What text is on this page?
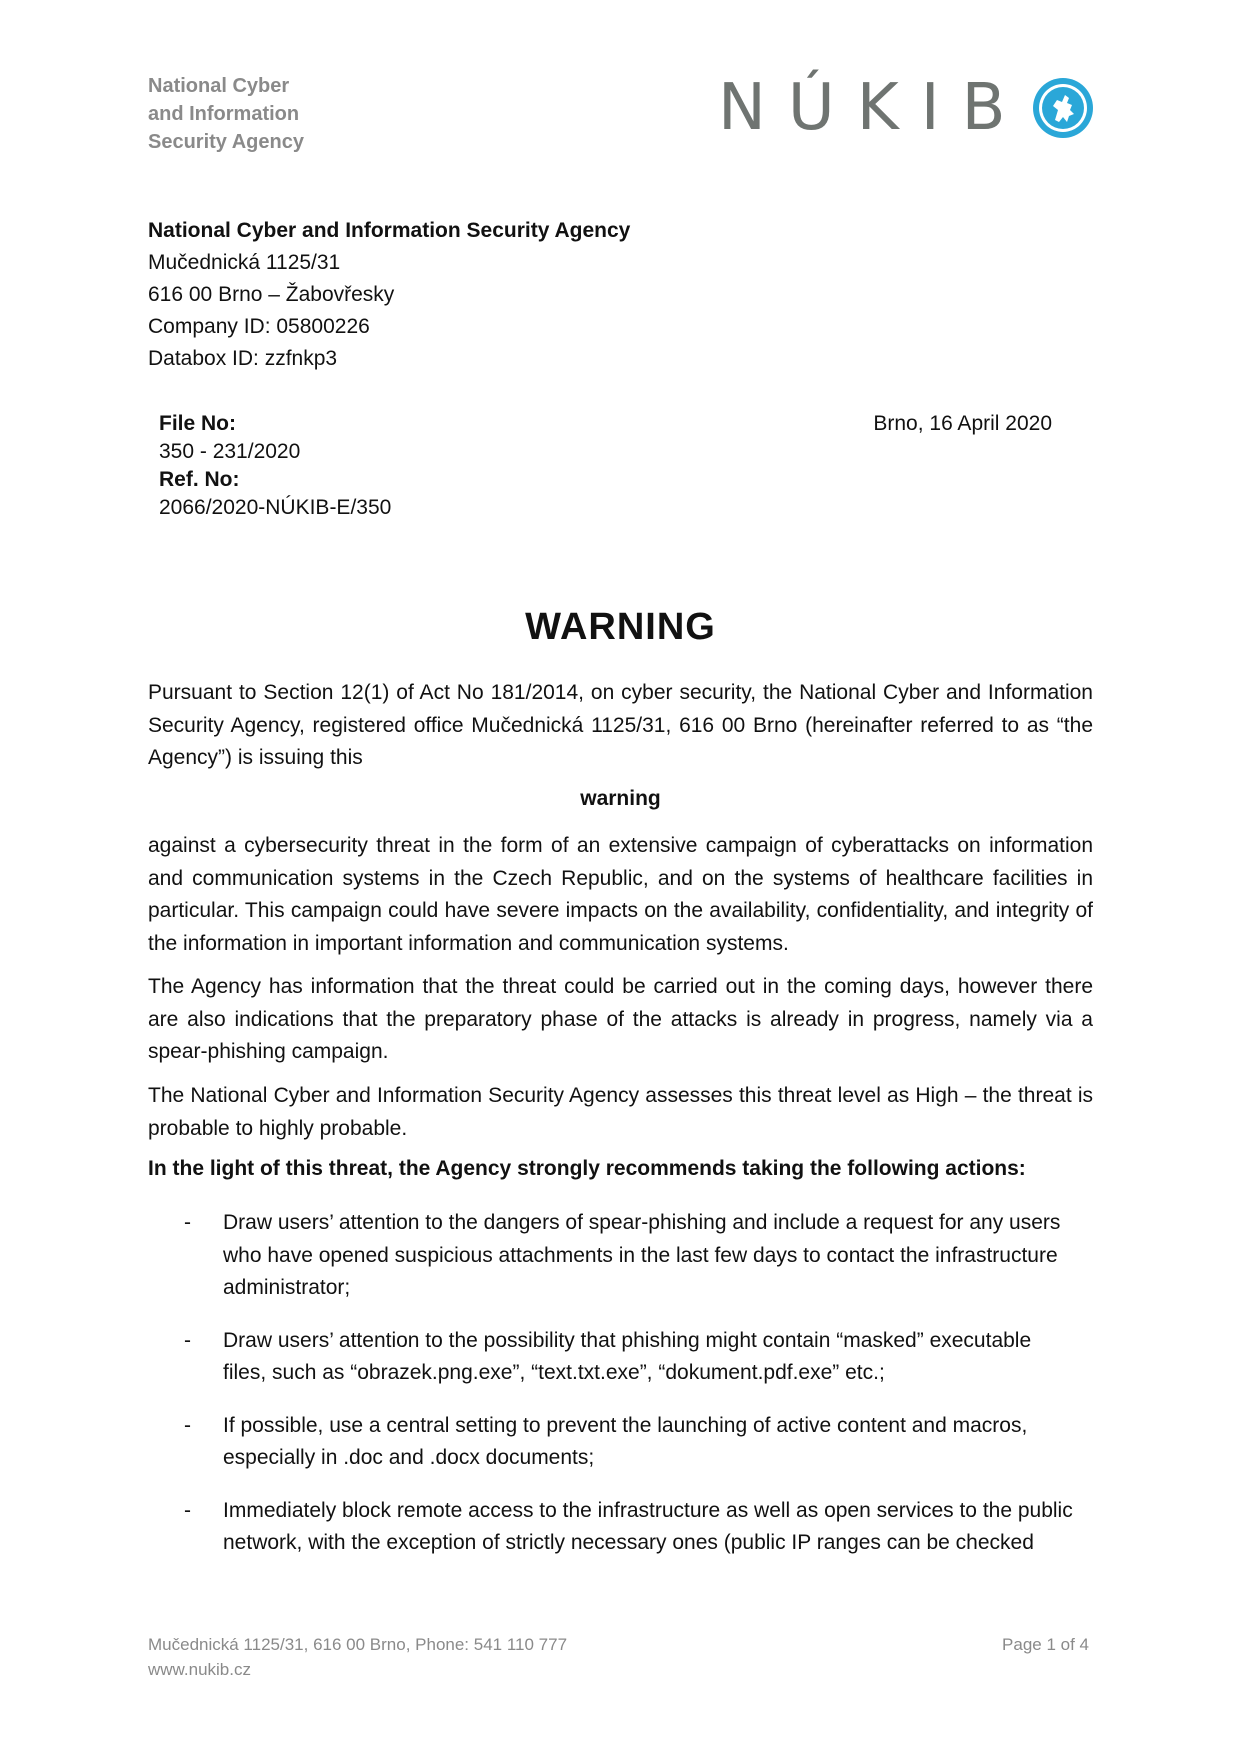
National Cyber
and Information
Security Agency	NÚKIB
National Cyber and Information Security Agency
Mučednická 1125/31
616 00 Brno – Žabovřesky
Company ID: 05800226
Databox ID: zzfnkp3
File No:
350 - 231/2020
Ref. No:
2066/2020-NÚKIB-E/350
Brno, 16 April 2020
WARNING
Pursuant to Section 12(1) of Act No 181/2014, on cyber security, the National Cyber and Information Security Agency, registered office Mučednická 1125/31, 616 00 Brno (hereinafter referred to as “the Agency”) is issuing this
warning
against a cybersecurity threat in the form of an extensive campaign of cyberattacks on information and communication systems in the Czech Republic, and on the systems of healthcare facilities in particular. This campaign could have severe impacts on the availability, confidentiality, and integrity of the information in important information and communication systems.
The Agency has information that the threat could be carried out in the coming days, however there are also indications that the preparatory phase of the attacks is already in progress, namely via a spear-phishing campaign.
The National Cyber and Information Security Agency assesses this threat level as High – the threat is probable to highly probable.
In the light of this threat, the Agency strongly recommends taking the following actions:
-	Draw users’ attention to the dangers of spear-phishing and include a request for any users who have opened suspicious attachments in the last few days to contact the infrastructure administrator;
-	Draw users’ attention to the possibility that phishing might contain “masked” executable files, such as “obrazek.png.exe”, “text.txt.exe”, “dokument.pdf.exe” etc.;
-	If possible, use a central setting to prevent the launching of active content and macros, especially in .doc and .docx documents;
-	Immediately block remote access to the infrastructure as well as open services to the public network, with the exception of strictly necessary ones (public IP ranges can be checked
Mučednická 1125/31, 616 00 Brno, Phone: 541 110 777
www.nukib.cz
Page 1 of 4
